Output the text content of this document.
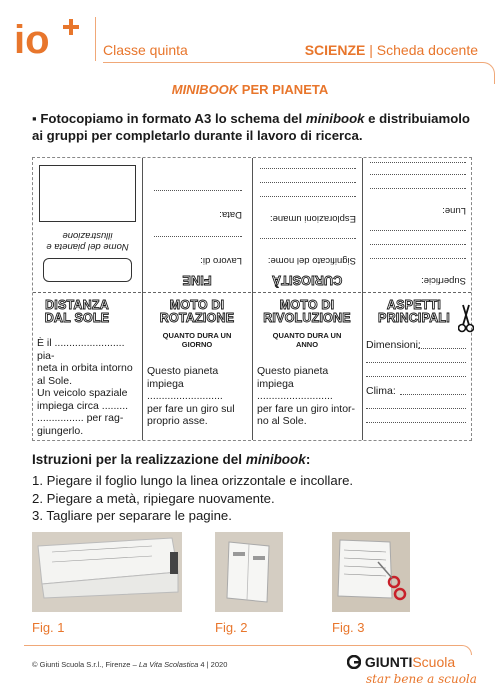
io	Classe quinta	SCIENZE | Scheda docente
MINIBOOK PER PIANETA
▪ Fotocopiamo in formato A3 lo schema del minibook e distribuiamolo ai gruppi per completarlo durante il lavoro di ricerca.
Nome del pianeta e illustrazione
FINE
Lavoro di:
Data:
CURIOSITÀ
Significato del nome:
Esplorazioni umane:
Superficie:
Lune:
DISTANZA DAL SOLE
È il ........................ pia-
neta in orbita intorno
al Sole.
Un veicolo spaziale
impiega circa .........
................ per rag-
giungerlo.
MOTO DI ROTAZIONE
QUANTO DURA UN GIORNO
Questo pianeta
impiega ..........................
per fare un giro sul
proprio asse.
MOTO DI RIVOLUZIONE
QUANTO DURA UN ANNO
Questo pianeta
impiega ..........................
per fare un giro intor-
no al Sole.
ASPETTI PRINCIPALI
Dimensioni:
Clima:
Istruzioni per la realizzazione del minibook:
1. Piegare il foglio lungo la linea orizzontale e incollare.
2. Piegare a metà, ripiegare nuovamente.
3. Tagliare per separare le pagine.
Fig. 1	Fig. 2	Fig. 3
© Giunti Scuola S.r.l., Firenze – La Vita Scolastica 4 | 2020	GIUNTIScuola
star bene a scuola
